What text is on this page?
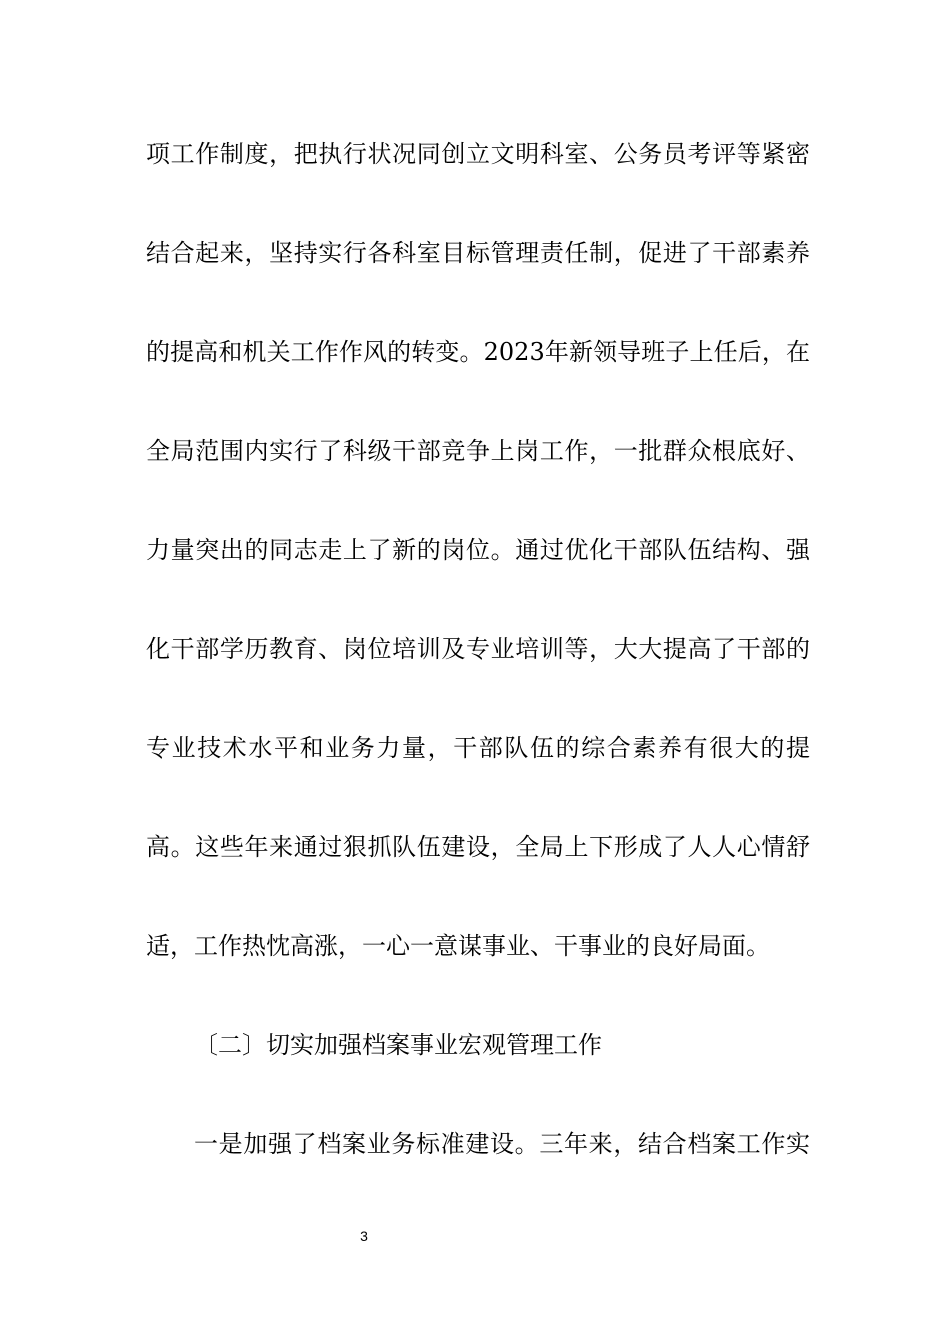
项工作制度，把执行状况同创立文明科室、公务员考评等紧密
结合起来，坚持实行各科室目标管理责任制，促进了干部素养
的提高和机关工作作风的转变。2023年新领导班子上任后，在
全局范围内实行了科级干部竞争上岗工作，一批群众根底好、
力量突出的同志走上了新的岗位。通过优化干部队伍结构、强
化干部学历教育、岗位培训及专业培训等，大大提高了干部的
专业技术水平和业务力量，干部队伍的综合素养有很大的提
高。这些年来通过狠抓队伍建设，全局上下形成了人人心情舒
适，工作热忱高涨，一心一意谋事业、干事业的良好局面。
〔二〕切实加强档案事业宏观管理工作
一是加强了档案业务标准建设。三年来，结合档案工作实
3
